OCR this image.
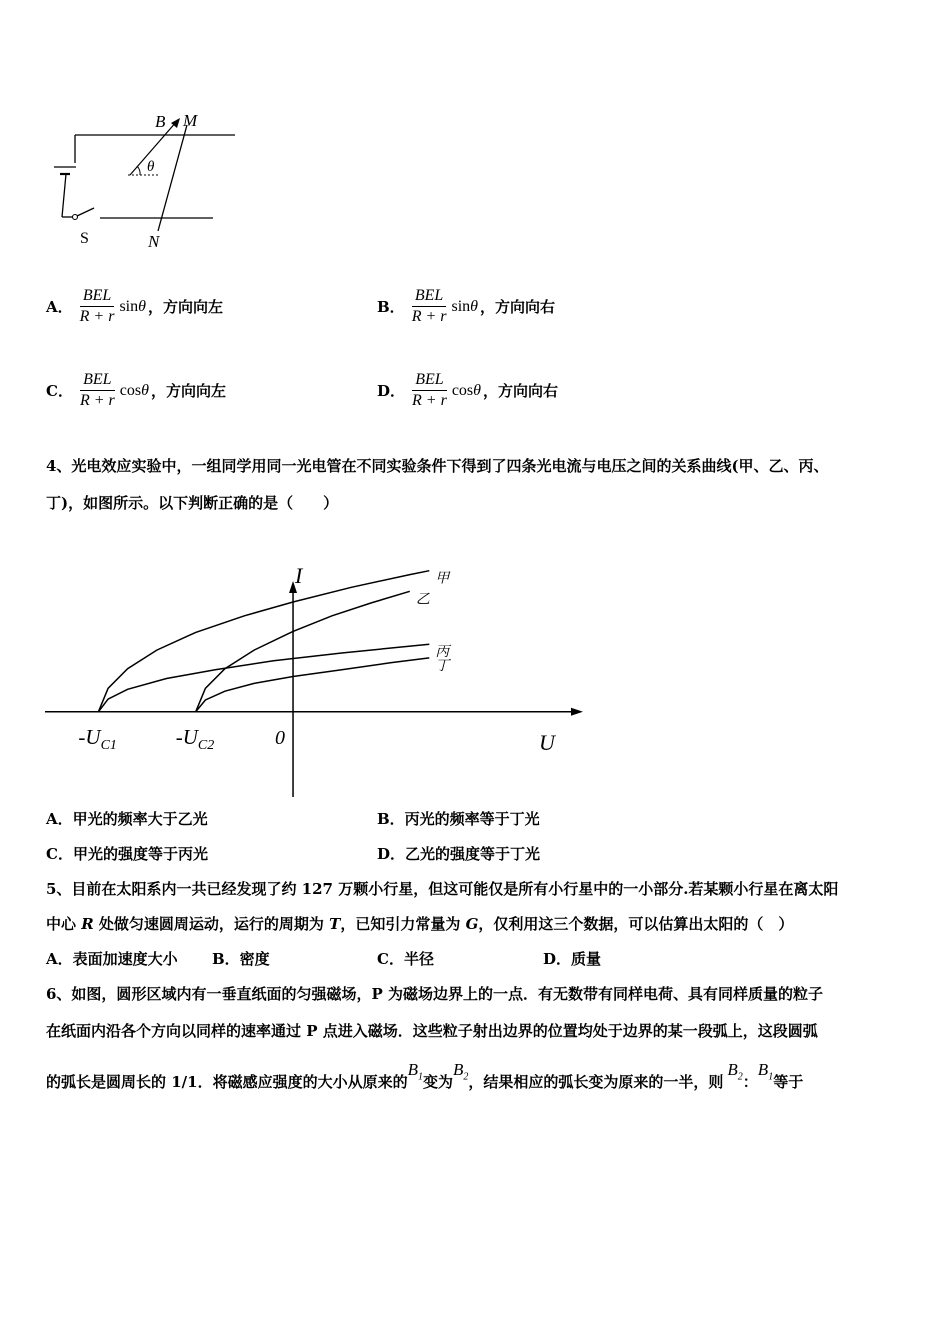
B M
θ
S	N
A． $\frac{\text{BEL}}{R + r}$ sinθ ，方向向左	B． $\frac{\text{BEL}}{R + r}$ sinθ ，方向向右
C． $\frac{\text{BEL}}{R + r}$ cosθ ，方向向左	D． $\frac{\text{BEL}}{R + r}$ cosθ ，方向向右
4、光电效应实验中，一组同学用同一光电管在不同实验条件下得到了四条光电流与电压之间的关系曲线(甲、乙、丙、
丁)，如图所示。以下判断正确的是（　　）
I
U
0
$-U_{C1}$	$-U_{C2}$
甲
乙
丙
丁
A．甲光的频率大于乙光	B．丙光的频率等于丁光
C．甲光的强度等于丙光	D．乙光的强度等于丁光
5、目前在太阳系内一共已经发现了约 127 万颗小行星，但这可能仅是所有小行星中的一小部分.若某颗小行星在离太阳
中心 R 处做匀速圆周运动，运行的周期为 T，已知引力常量为 G，仅利用这三个数据，可以估算出太阳的（　）
A．表面加速度大小 B．密度	C．半径	D．质量
6、如图，圆形区域内有一垂直纸面的匀强磁场，P 为磁场边界上的一点．有无数带有同样电荷、具有同样质量的粒子
在纸面内沿各个方向以同样的速率通过 P 点进入磁场．这些粒子射出边界的位置均处于边界的某一段弧上，这段圆弧
的弧长是圆周长的 1/1．将磁感应强度的大小从原来的
$B_1$ 变为
$B_2$ ，结果相应的弧长变为原来的一半，则
$B_2$ ：
$B_1$ 等于
